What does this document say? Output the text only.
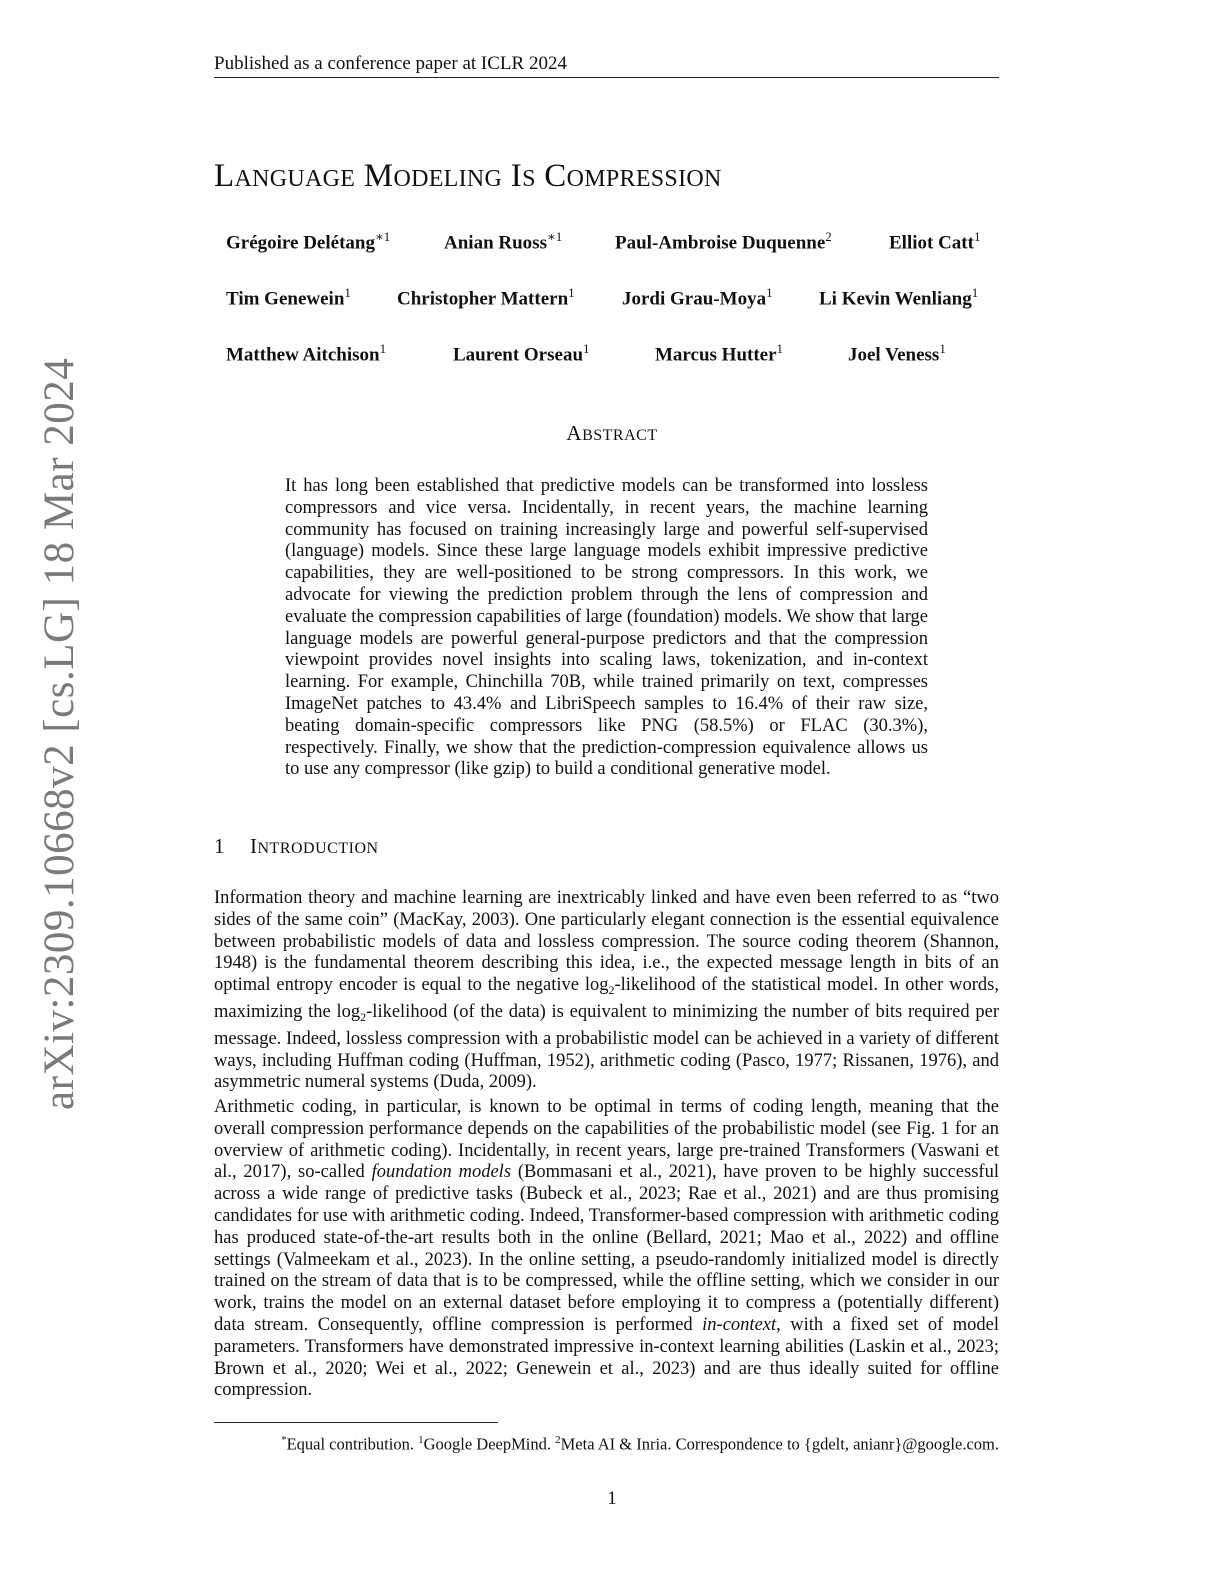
Published as a conference paper at ICLR 2024
LANGUAGE MODELING IS COMPRESSION
Grégoire Delétang$^{∗1}$	Anian Ruoss$^{∗1}$	Paul-Ambroise Duquenne$^2$	Elliot Catt$^1$
Tim Genewein$^1$ Christopher Mattern$^1$ Jordi Grau-Moya$^1$ Li Kevin Wenliang$^1$
Matthew Aitchison$^1$	Laurent Orseau$^1$	Marcus Hutter$^1$	Joel Veness$^1$
ABSTRACT
It has long been established that predictive models can be transformed into lossless compressors and vice versa. Incidentally, in recent years, the machine learning community has focused on training increasingly large and powerful self-supervised (language) models. Since these large language models exhibit impressive predictive capabilities, they are well-positioned to be strong compressors. In this work, we advocate for viewing the prediction problem through the lens of compression and evaluate the compression capabilities of large (foundation) models. We show that large language models are powerful general-purpose predictors and that the compression viewpoint provides novel insights into scaling laws, tokenization, and in-context learning. For example, Chinchilla 70B, while trained primarily on text, compresses ImageNet patches to 43.4% and LibriSpeech samples to 16.4% of their raw size, beating domain-specific compressors like PNG (58.5%) or FLAC (30.3%), respectively. Finally, we show that the prediction-compression equivalence allows us to use any compressor (like gzip) to build a conditional generative model.
arXiv:2309.10668v2 [cs.LG] 18 Mar 2024	1 INTRODUCTION
Information theory and machine learning are inextricably linked and have even been referred to as “two sides of the same coin” (MacKay, 2003). One particularly elegant connection is the essential equivalence between probabilistic models of data and lossless compression. The source coding theorem (Shannon, 1948) is the fundamental theorem describing this idea, i.e., the expected message length in bits of an optimal entropy encoder is equal to the negative $\log_2$-likelihood of the statistical model. In other words, maximizing the $\log_2$-likelihood (of the data) is equivalent to minimizing the number of bits required per message. Indeed, lossless compression with a probabilistic model can be achieved in a variety of different ways, including Huffman coding (Huffman, 1952), arithmetic coding (Pasco, 1977; Rissanen, 1976), and asymmetric numeral systems (Duda, 2009).
Arithmetic coding, in particular, is known to be optimal in terms of coding length, meaning that the overall compression performance depends on the capabilities of the probabilistic model (see Fig. 1 for an overview of arithmetic coding). Incidentally, in recent years, large pre-trained Transformers (Vaswani et al., 2017), so-called foundation models (Bommasani et al., 2021), have proven to be highly successful across a wide range of predictive tasks (Bubeck et al., 2023; Rae et al., 2021) and are thus promising candidates for use with arithmetic coding. Indeed, Transformer-based compression with arithmetic coding has produced state-of-the-art results both in the online (Bellard, 2021; Mao et al., 2022) and offline settings (Valmeekam et al., 2023). In the online setting, a pseudo-randomly initialized model is directly trained on the stream of data that is to be compressed, while the offline setting, which we consider in our work, trains the model on an external dataset before employing it to compress a (potentially different) data stream. Consequently, offline compression is performed in-context, with a fixed set of model parameters. Transformers have demonstrated impressive in-context learning abilities (Laskin et al., 2023; Brown et al., 2020; Wei et al., 2022; Genewein et al., 2023) and are thus ideally suited for offline compression.
*Equal contribution. $^1$Google DeepMind. $^2$Meta AI & Inria. Correspondence to {gdelt, anianr}@google.com.
1
